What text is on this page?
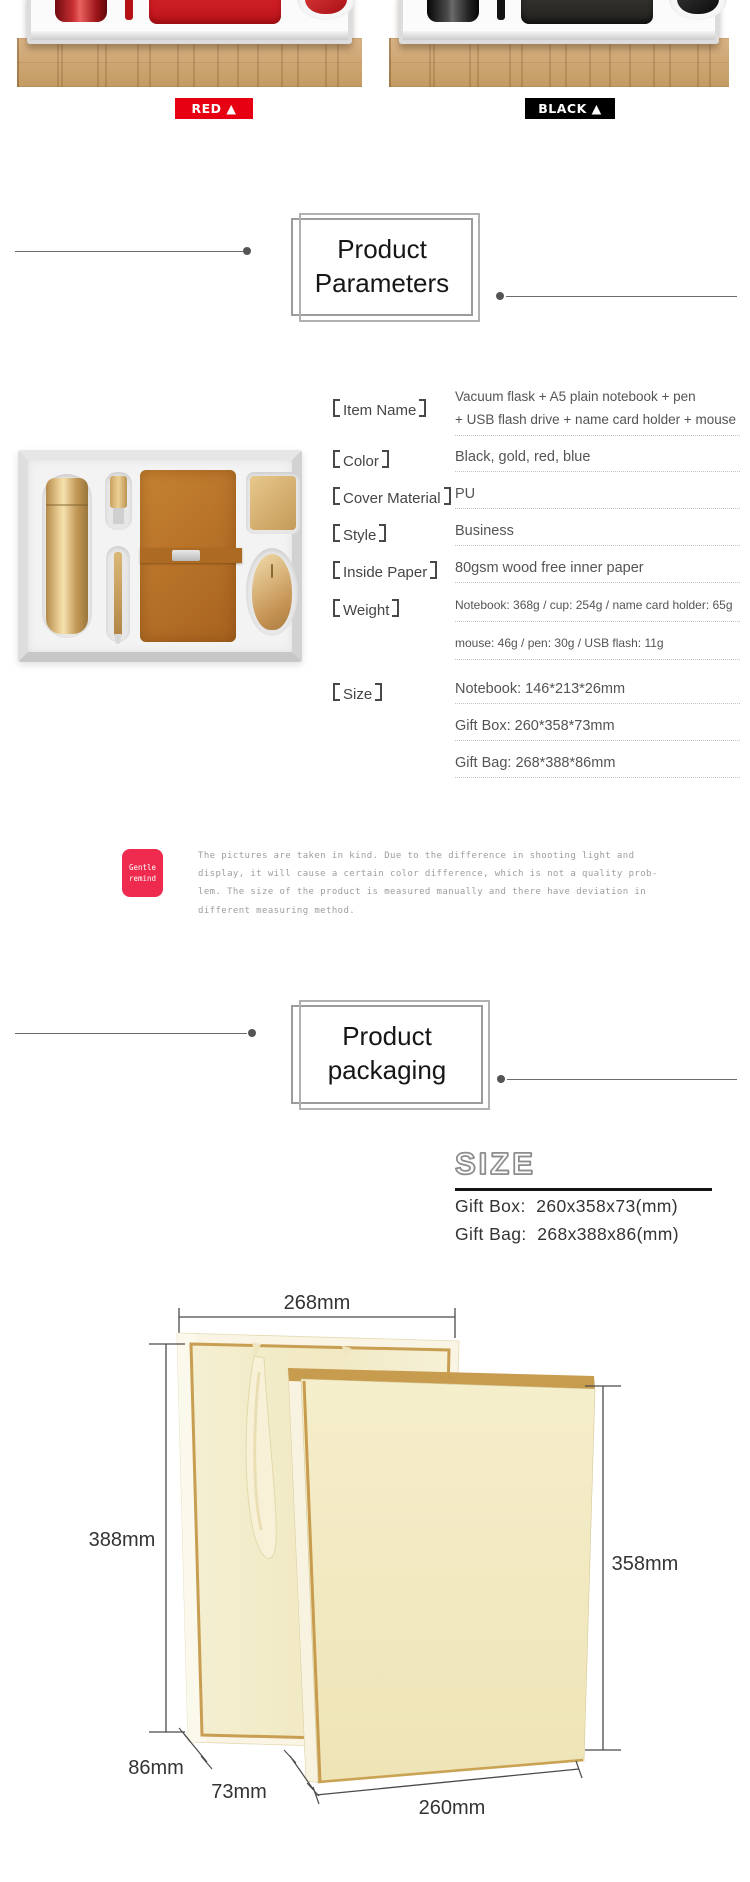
RED ▲	BLACK ▲
Product
Parameters
Item Name
Color
Cover Material
Style
Inside Paper
Weight
Size
Vacuum flask + A5 plain notebook + pen
+ USB flash drive + name card holder + mouse
Black, gold, red, blue
PU
Business
80gsm wood free inner paper
Notebook: 368g / cup: 254g / name card holder: 65g
mouse: 46g / pen: 30g / USB flash: 11g
Notebook: 146*213*26mm
Gift Box: 260*358*73mm
Gift Bag: 268*388*86mm
Gentle
remind
The pictures are taken in kind. Due to the difference in shooting light and
display, it will cause a certain color difference, which is not a quality prob-
lem. The size of the product is measured manually and there have deviation in
different measuring method.
Product
packaging
SIZE
Gift Box:  260x358x73(mm)
Gift Bag:  268x388x86(mm)
268mm
388mm
358mm
86mm
73mm
260mm
